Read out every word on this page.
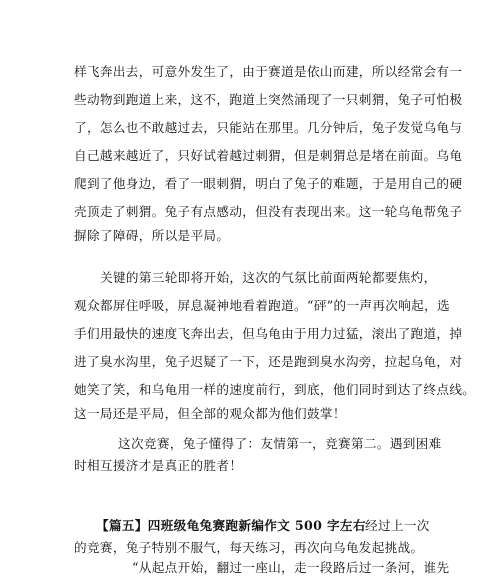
样飞奔出去，可意外发生了，由于赛道是依山而建，所以经常会有一
些动物到跑道上来，这不，跑道上突然涌现了一只刺猬，兔子可怕极
了，怎么也不敢越过去，只能站在那里。几分钟后，兔子发觉乌龟与
自己越来越近了，只好试着越过刺猬，但是刺猬总是堵在前面。乌龟
爬到了他身边，看了一眼刺猬，明白了兔子的难题，于是用自己的硬
壳顶走了刺猬。兔子有点感动，但没有表现出来。这一轮乌龟帮兔子
摒除了障碍，所以是平局。
关键的第三轮即将开始，这次的气氛比前面两轮都要焦灼，
观众都屏住呼吸，屏息凝神地看着跑道。“砰”的一声再次响起，选
手们用最快的速度飞奔出去，但乌龟由于用力过猛，滚出了跑道，掉
进了臭水沟里，兔子迟疑了一下，还是跑到臭水沟旁，拉起乌龟，对
她笑了笑，和乌龟用一样的速度前行，到底，他们同时到达了终点线。
这一局还是平局，但全部的观众都为他们鼓掌！
这次竞赛，兔子懂得了：友情第一，竞赛第二。遇到困难
时相互援济才是真正的胜者！
【篇五】四班级龟兔赛跑新编作文 500 字左右 经过上一次
的竞赛，兔子特别不服气，每天练习，再次向乌龟发起挑战。
“从起点开始，翻过一座山，走一段路后过一条河，谁先
